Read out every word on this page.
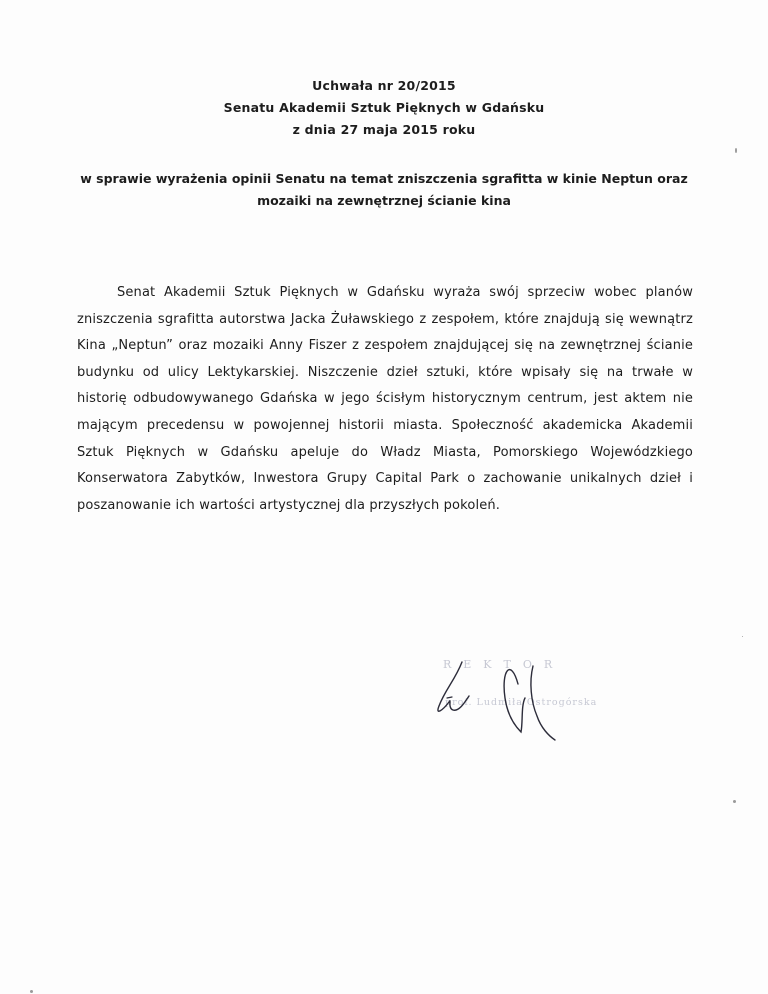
Uchwała nr 20/2015
Senatu Akademii Sztuk Pięknych w Gdańsku
z dnia 27 maja 2015 roku
w sprawie wyrażenia opinii Senatu na temat zniszczenia sgrafitta w kinie Neptun oraz mozaiki na zewnętrznej ścianie kina
Senat Akademii Sztuk Pięknych w Gdańsku wyraża swój sprzeciw wobec planów zniszczenia sgrafitta autorstwa Jacka Żuławskiego z zespołem, które znajdują się wewnątrz Kina „Neptun” oraz mozaiki Anny Fiszer z zespołem znajdującej się na zewnętrznej ścianie budynku od ulicy Lektykarskiej. Niszczenie dzieł sztuki, które wpisały się na trwałe w historię odbudowywanego Gdańska w jego ścisłym historycznym centrum, jest aktem nie mającym precedensu w powojennej historii miasta. Społeczność akademicka Akademii Sztuk Pięknych w Gdańsku apeluje do Władz Miasta, Pomorskiego Wojewódzkiego Konserwatora Zabytków, Inwestora Grupy Capital Park o zachowanie unikalnych dzieł i poszanowanie ich wartości artystycznej dla przyszłych pokoleń.
REKTOR
prof. Ludmiła Ostrogórska
